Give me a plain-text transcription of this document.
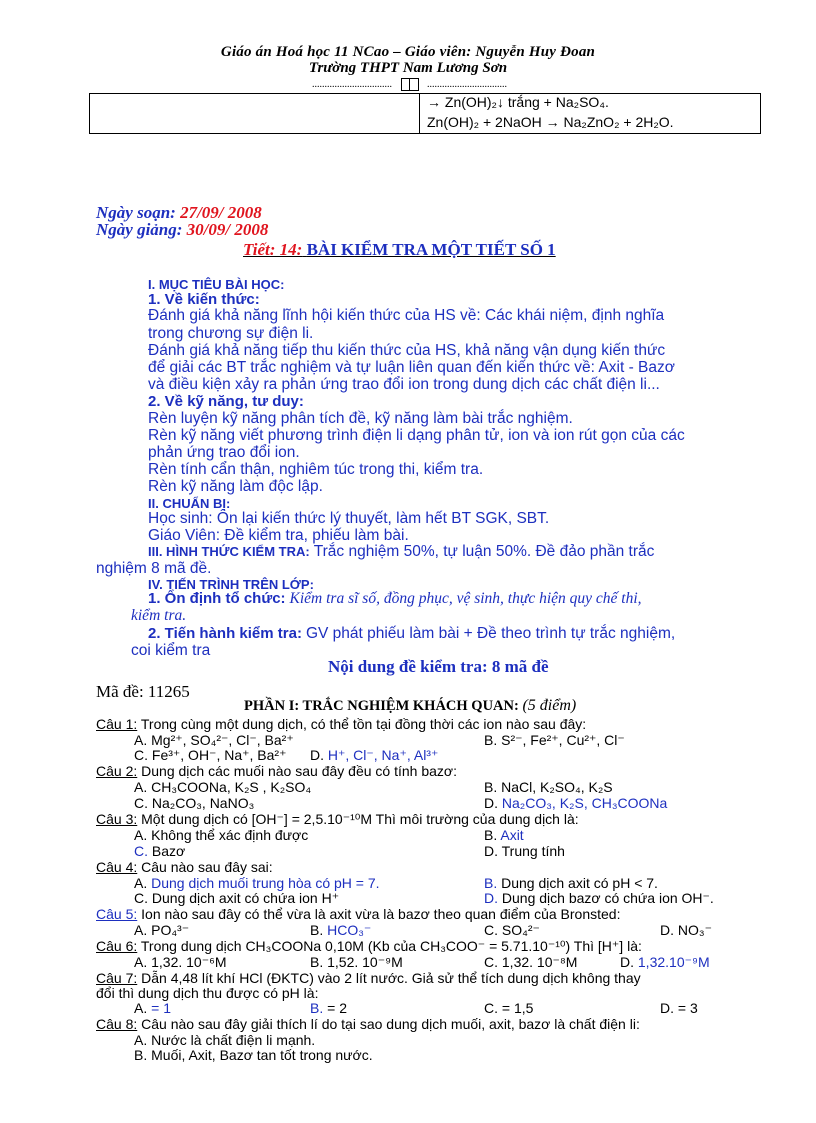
Giáo án Hoá học 11 NCao – Giáo viên: Nguyễn Huy Đoan
Trường THPT Nam Lương Sơn
................................	................................
→ Zn(OH)₂↓ trắng + Na₂SO₄.
Zn(OH)₂ + 2NaOH → Na₂ZnO₂ + 2H₂O.
Ngày soạn: 27/09/ 2008
Ngày giảng: 30/09/ 2008
Tiết: 14: BÀI KIỂM TRA MỘT TIẾT SỐ 1
I. MỤC TIÊU BÀI HỌC:
1. Về kiến thức:
Đánh giá khả năng lĩnh hội kiến thức của HS về: Các khái niệm, định nghĩa
trong chương sự điện li.
Đánh giá khả năng tiếp thu kiến thức của HS, khả năng vận dụng kiến thức
để giải các BT trắc nghiệm và tự luận liên quan đến kiến thức về: Axit - Bazơ
và điều kiện xảy ra phản ứng trao đổi ion trong dung dịch các chất điện li...
2. Về kỹ năng, tư duy:
Rèn luyện kỹ năng phân tích đề, kỹ năng làm bài trắc nghiệm.
Rèn kỹ năng viết phương trình điện li dạng phân tử, ion và ion rút gọn của các
phản ứng trao đổi ion.
Rèn tính cẩn thận, nghiêm túc trong thi, kiểm tra.
Rèn kỹ năng làm độc lập.
II. CHUẨN BỊ:
Học sinh: Ôn lại kiến thức lý thuyết, làm hết BT SGK, SBT.
Giáo Viên: Đề kiểm tra, phiếu làm bài.
III. HÌNH THỨC KIỂM TRA: Trắc nghiệm 50%, tự luận 50%. Đề đảo phần trắc
nghiệm 8 mã đề.
IV. TIẾN TRÌNH TRÊN LỚP:
1. Ổn định tổ chức: Kiểm tra sĩ số, đồng phục, vệ sinh, thực hiện quy chế thi,
kiểm tra.
2. Tiến hành kiểm tra: GV phát phiếu làm bài + Đề theo trình tự trắc nghiệm,
coi kiểm tra
Nội dung đề kiểm tra: 8 mã đề
Mã đề: 11265
PHẦN I: TRẮC NGHIỆM KHÁCH QUAN: (5 điểm)
Câu 1: Trong cùng một dung dịch, có thể tồn tại đồng thời các ion nào sau đây:
A. Mg²⁺, SO₄²⁻, Cl⁻, Ba²⁺	B. S²⁻, Fe²⁺, Cu²⁺, Cl⁻
C. Fe³⁺, OH⁻, Na⁺, Ba²⁺ D. H⁺, Cl⁻, Na⁺, Al³⁺
Câu 2: Dung dịch các muối nào sau đây đều có tính bazơ:
A. CH₃COONa, K₂S , K₂SO₄	B. NaCl, K₂SO₄, K₂S
C. Na₂CO₃, NaNO₃	D. Na₂CO₃, K₂S, CH₃COONa
Câu 3: Một dung dịch có [OH⁻] = 2,5.10⁻¹⁰M Thì môi trường của dung dịch là:
A. Không thể xác định được	B. Axit
C. Bazơ	D. Trung tính
Câu 4: Câu nào sau đây sai:
A. Dung dịch muối trung hòa có pH = 7.	B. Dung dịch axit có pH < 7.
C. Dung dịch axit có chứa ion H⁺	D. Dung dịch bazơ có chứa ion OH⁻.
Câu 5: Ion nào sau đây có thể vừa là axit vừa là bazơ theo quan điểm của Bronsted:
A. PO₄³⁻	B. HCO₃⁻	C. SO₄²⁻	D. NO₃⁻
Câu 6: Trong dung dịch CH₃COONa 0,10M (Kb của CH₃COO⁻ = 5.71.10⁻¹⁰) Thì [H⁺] là:
A. 1,32. 10⁻⁶M	B. 1,52. 10⁻⁹M	C. 1,32. 10⁻⁸M	D. 1,32.10⁻⁹M
Câu 7: Dẫn 4,48 lít khí HCl (ĐKTC) vào 2 lít nước. Giả sử thể tích dung dịch không thay
đổi thì dung dịch thu được có pH là:
A. = 1	B. = 2	C. = 1,5	D. = 3
Câu 8: Câu nào sau đây giải thích lí do tại sao dung dịch muối, axit, bazơ là chất điện li:
A. Nước là chất điện li mạnh.
B. Muối, Axit, Bazơ tan tốt trong nước.
